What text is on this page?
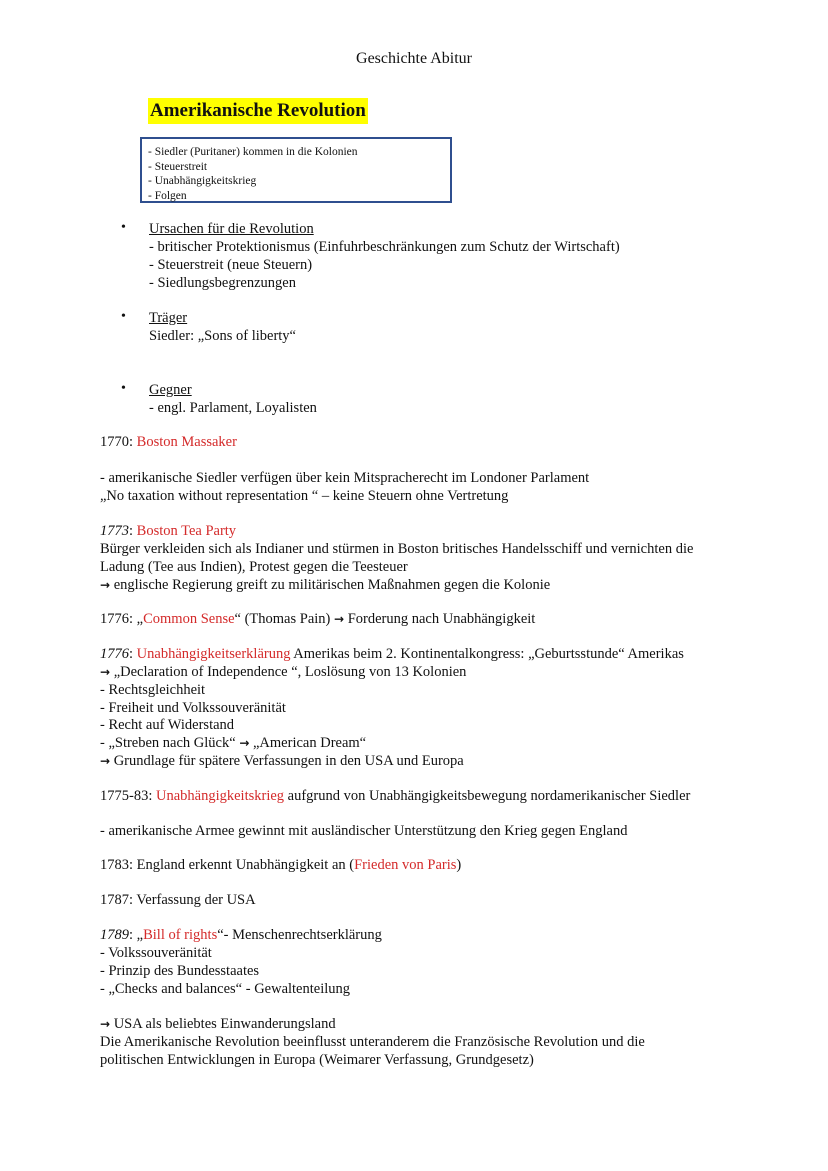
Geschichte Abitur
Amerikanische Revolution
- Siedler (Puritaner) kommen in die Kolonien
- Steuerstreit
- Unabhängigkeitskrieg
- Folgen
• Ursachen für die Revolution
- britischer Protektionismus (Einfuhrbeschränkungen zum Schutz der Wirtschaft)
- Steuerstreit (neue Steuern)
- Siedlungsbegrenzungen
• Träger
Siedler: „Sons of liberty“
• Gegner
- engl. Parlament, Loyalisten
1770: Boston Massaker
- amerikanische Siedler verfügen über kein Mitspracherecht im Londoner Parlament
„No taxation without representation “ – keine Steuern ohne Vertretung
1773: Boston Tea Party
Bürger verkleiden sich als Indianer und stürmen in Boston britisches Handelsschiff und vernichten die
Ladung (Tee aus Indien), Protest gegen die Teesteuer
→ englische Regierung greift zu militärischen Maßnahmen gegen die Kolonie
1776: „Common Sense“ (Thomas Pain) → Forderung nach Unabhängigkeit
1776: Unabhängigkeitserklärung Amerikas beim 2. Kontinentalkongress: „Geburtsstunde“ Amerikas
→ „Declaration of Independence “, Loslösung von 13 Kolonien
- Rechtsgleichheit
- Freiheit und Volkssouveränität
- Recht auf Widerstand
- „Streben nach Glück“ → „American Dream“
→ Grundlage für spätere Verfassungen in den USA und Europa
1775-83: Unabhängigkeitskrieg aufgrund von Unabhängigkeitsbewegung nordamerikanischer Siedler
- amerikanische Armee gewinnt mit ausländischer Unterstützung den Krieg gegen England
1783: England erkennt Unabhängigkeit an (Frieden von Paris)
1787: Verfassung der USA
1789: „Bill of rights“- Menschenrechtserklärung
- Volkssouveränität
- Prinzip des Bundesstaates
- „Checks and balances“ - Gewaltenteilung
→ USA als beliebtes Einwanderungsland
Die Amerikanische Revolution beeinflusst unteranderem die Französische Revolution und die
politischen Entwicklungen in Europa (Weimarer Verfassung, Grundgesetz)
